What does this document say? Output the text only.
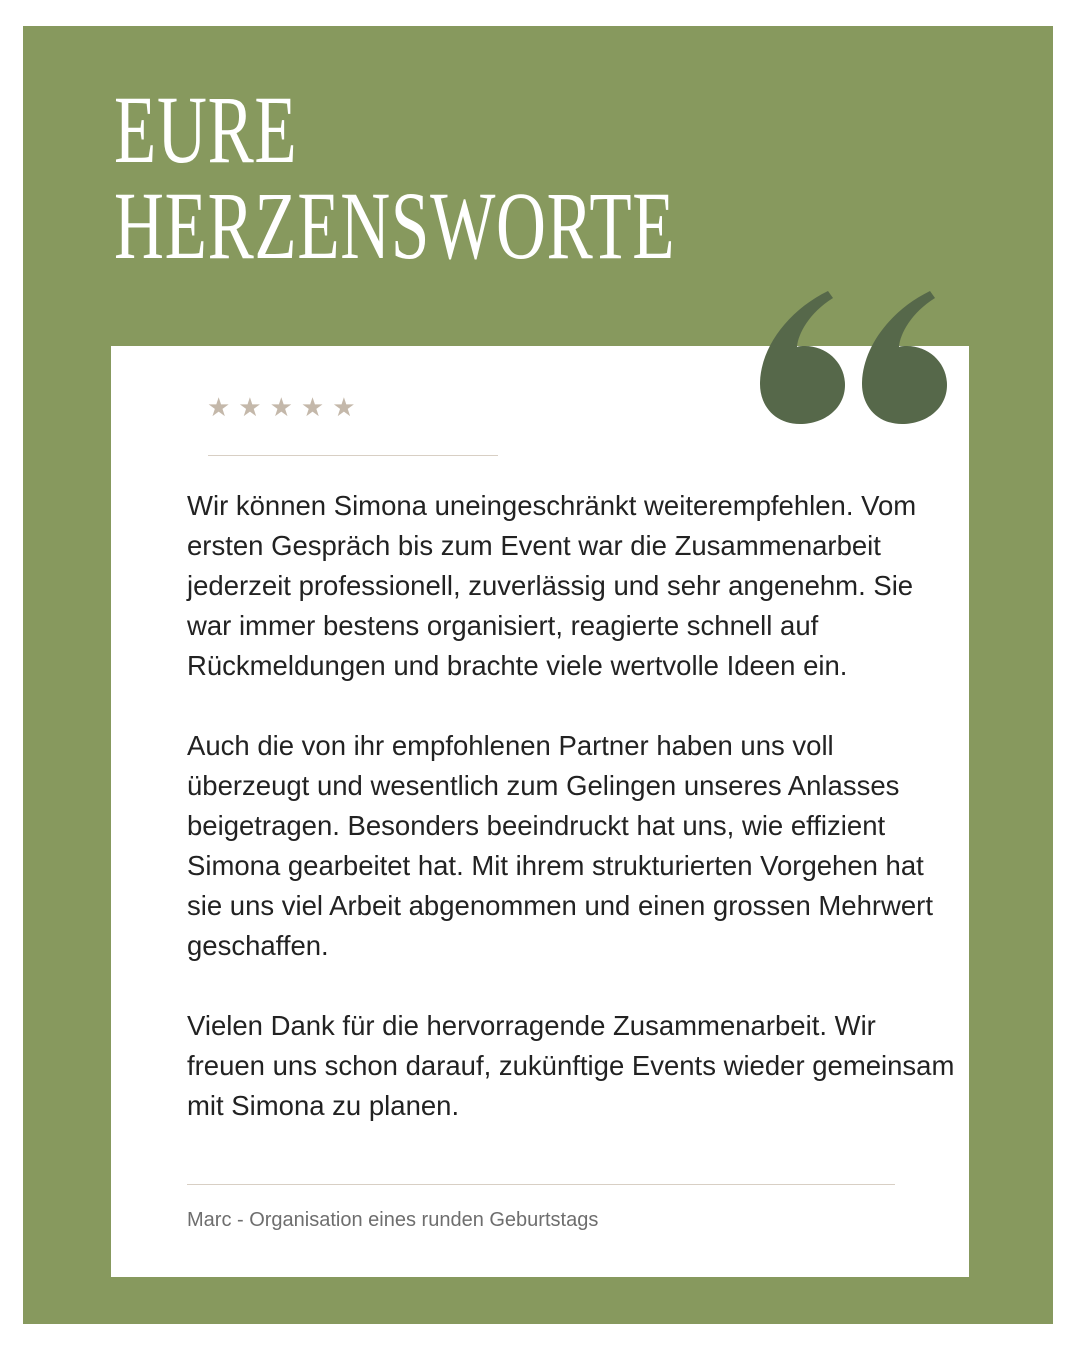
EURE
HERZENSWORTE
★★★★★

Wir können Simona uneingeschränkt weiterempfehlen. Vom ersten Gespräch bis zum Event war die Zusammenarbeit jederzeit professionell, zuverlässig und sehr angenehm. Sie war immer bestens organisiert, reagierte schnell auf Rückmeldungen und brachte viele wertvolle Ideen ein.

Auch die von ihr empfohlenen Partner haben uns voll überzeugt und wesentlich zum Gelingen unseres Anlasses beigetragen. Besonders beeindruckt hat uns, wie effizient Simona gearbeitet hat. Mit ihrem strukturierten Vorgehen hat sie uns viel Arbeit abgenommen und einen grossen Mehrwert geschaffen.

Vielen Dank für die hervorragende Zusammenarbeit. Wir freuen uns schon darauf, zukünftige Events wieder gemeinsam mit Simona zu planen.

Marc - Organisation eines runden Geburtstags
